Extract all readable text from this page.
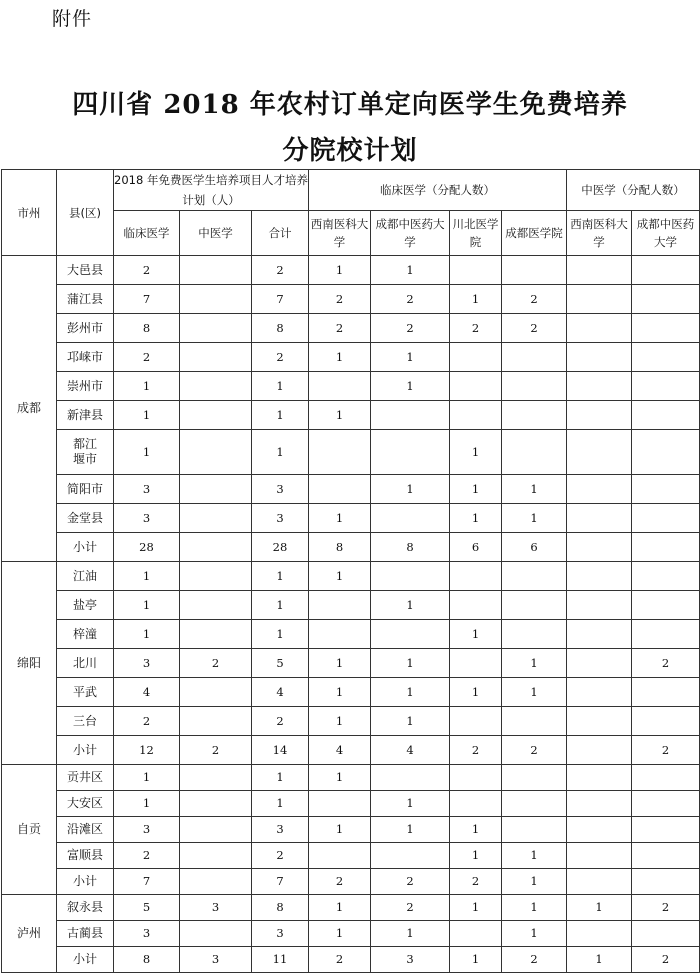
附件
四川省 2018 年农村订单定向医学生免费培养
分院校计划
市州	县(区)	2018 年免费医学生培养项目人才培养计划（人）			临床医学（分配人数）				中医学（分配人数）	
		临床医学	中医学	合计	西南医科大学	成都中医药大学	川北医学院	成都医学院	西南医科大学	成都中医药大学
成都	大邑县	2		2	1	1				
	蒲江县	7		7	2	2	1	2		
	彭州市	8		8	2	2	2	2		
	邛崃市	2		2	1	1				
	崇州市	1		1		1				
	新津县	1		1	1					
	都江堰市	1		1			1			
	简阳市	3		3		1	1	1		
	金堂县	3		3	1		1	1		
	小计	28		28	8	8	6	6		
绵阳	江油	1		1	1					
	盐亭	1		1		1				
	梓潼	1		1			1			
	北川	3	2	5	1	1		1		2
	平武	4		4	1	1	1	1		
	三台	2		2	1	1				
	小计	12	2	14	4	4	2	2		2
自贡	贡井区	1		1	1					
	大安区	1		1		1				
	沿滩区	3		3	1	1	1			
	富顺县	2		2			1	1		
	小计	7		7	2	2	2	1		
泸州	叙永县	5	3	8	1	2	1	1	1	2
	古蔺县	3		3	1	1		1		
	小计	8	3	11	2	3	1	2	1	2
